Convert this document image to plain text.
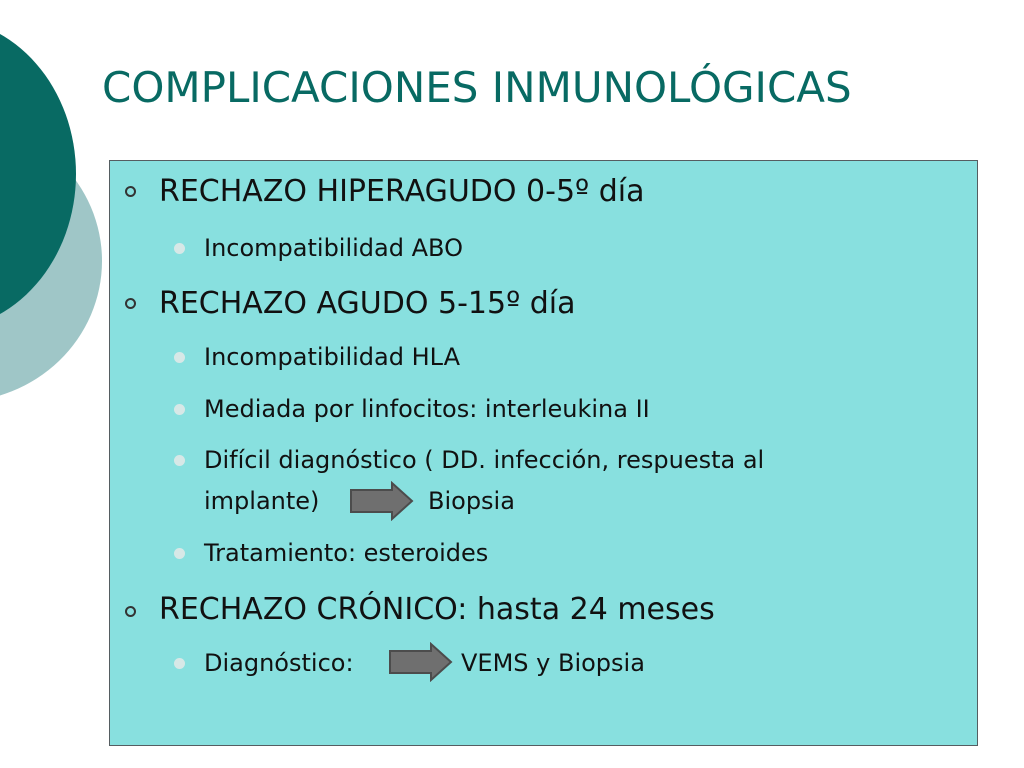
COMPLICACIONES INMUNOLÓGICAS
RECHAZO HIPERAGUDO 0-5º día
Incompatibilidad ABO
RECHAZO AGUDO 5-15º día
Incompatibilidad HLA
Mediada por linfocitos: interleukina II
Difícil diagnóstico ( DD. infección, respuesta al
implante)	Biopsia
Tratamiento: esteroides
RECHAZO CRÓNICO: hasta 24 meses
Diagnóstico:	VEMS y Biopsia
